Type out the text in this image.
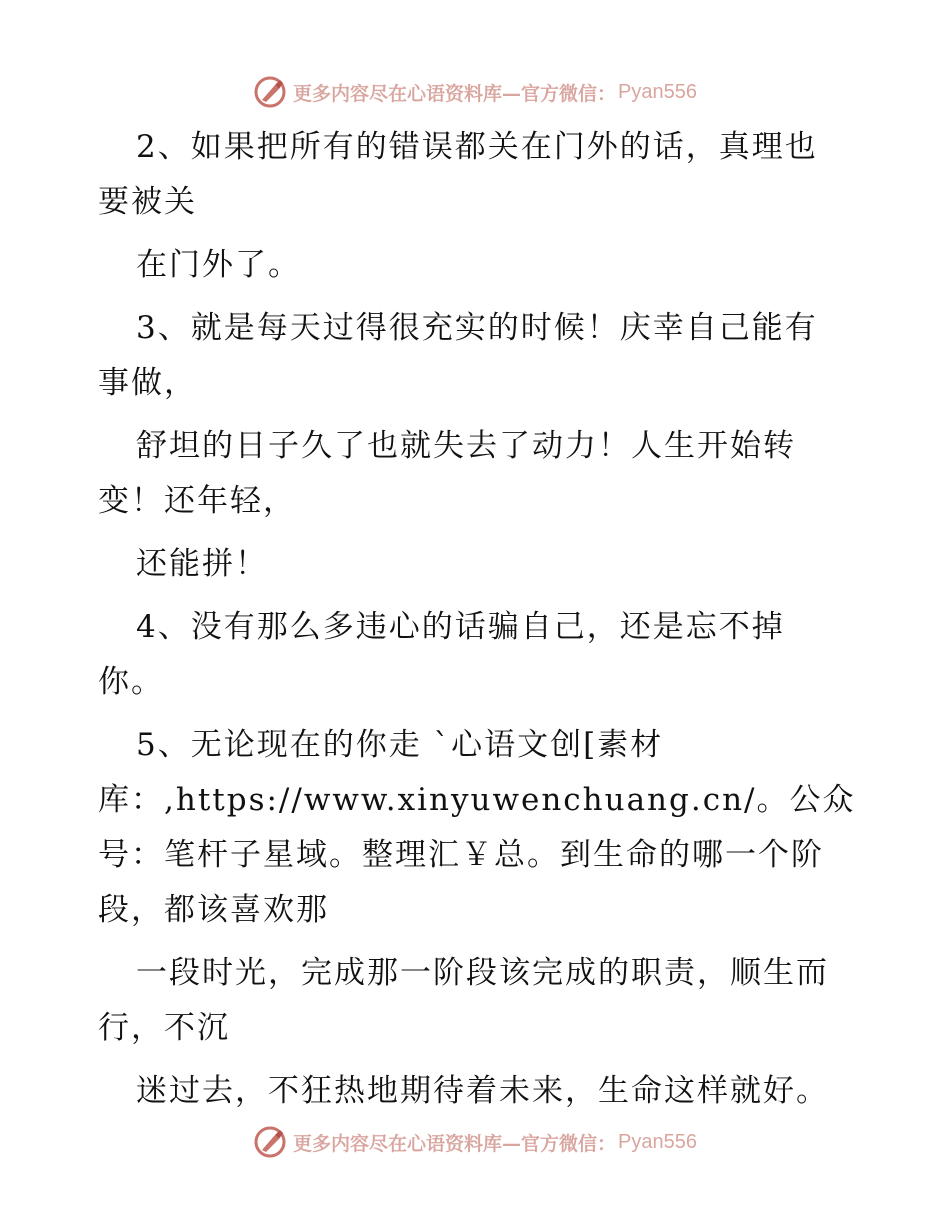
更多内容尽在心语资料库—官方微信： Pyan556
2、如果把所有的错误都关在门外的话，真理也
要被关
在门外了。
3、就是每天过得很充实的时候！庆幸自己能有
事做，
舒坦的日子久了也就失去了动力！人生开始转
变！还年轻，
还能拼！
4、没有那么多违心的话骗自己，还是忘不掉
你。
5、无论现在的你走 `心语文创[素材
库：,https://www.xinyuwenchuang.cn/。公众
号：笔杆子星域。整理汇￥总。到生命的哪一个阶
段，都该喜欢那
一段时光，完成那一阶段该完成的职责，顺生而
行，不沉
迷过去，不狂热地期待着未来，生命这样就好。
更多内容尽在心语资料库—官方微信： Pyan556
